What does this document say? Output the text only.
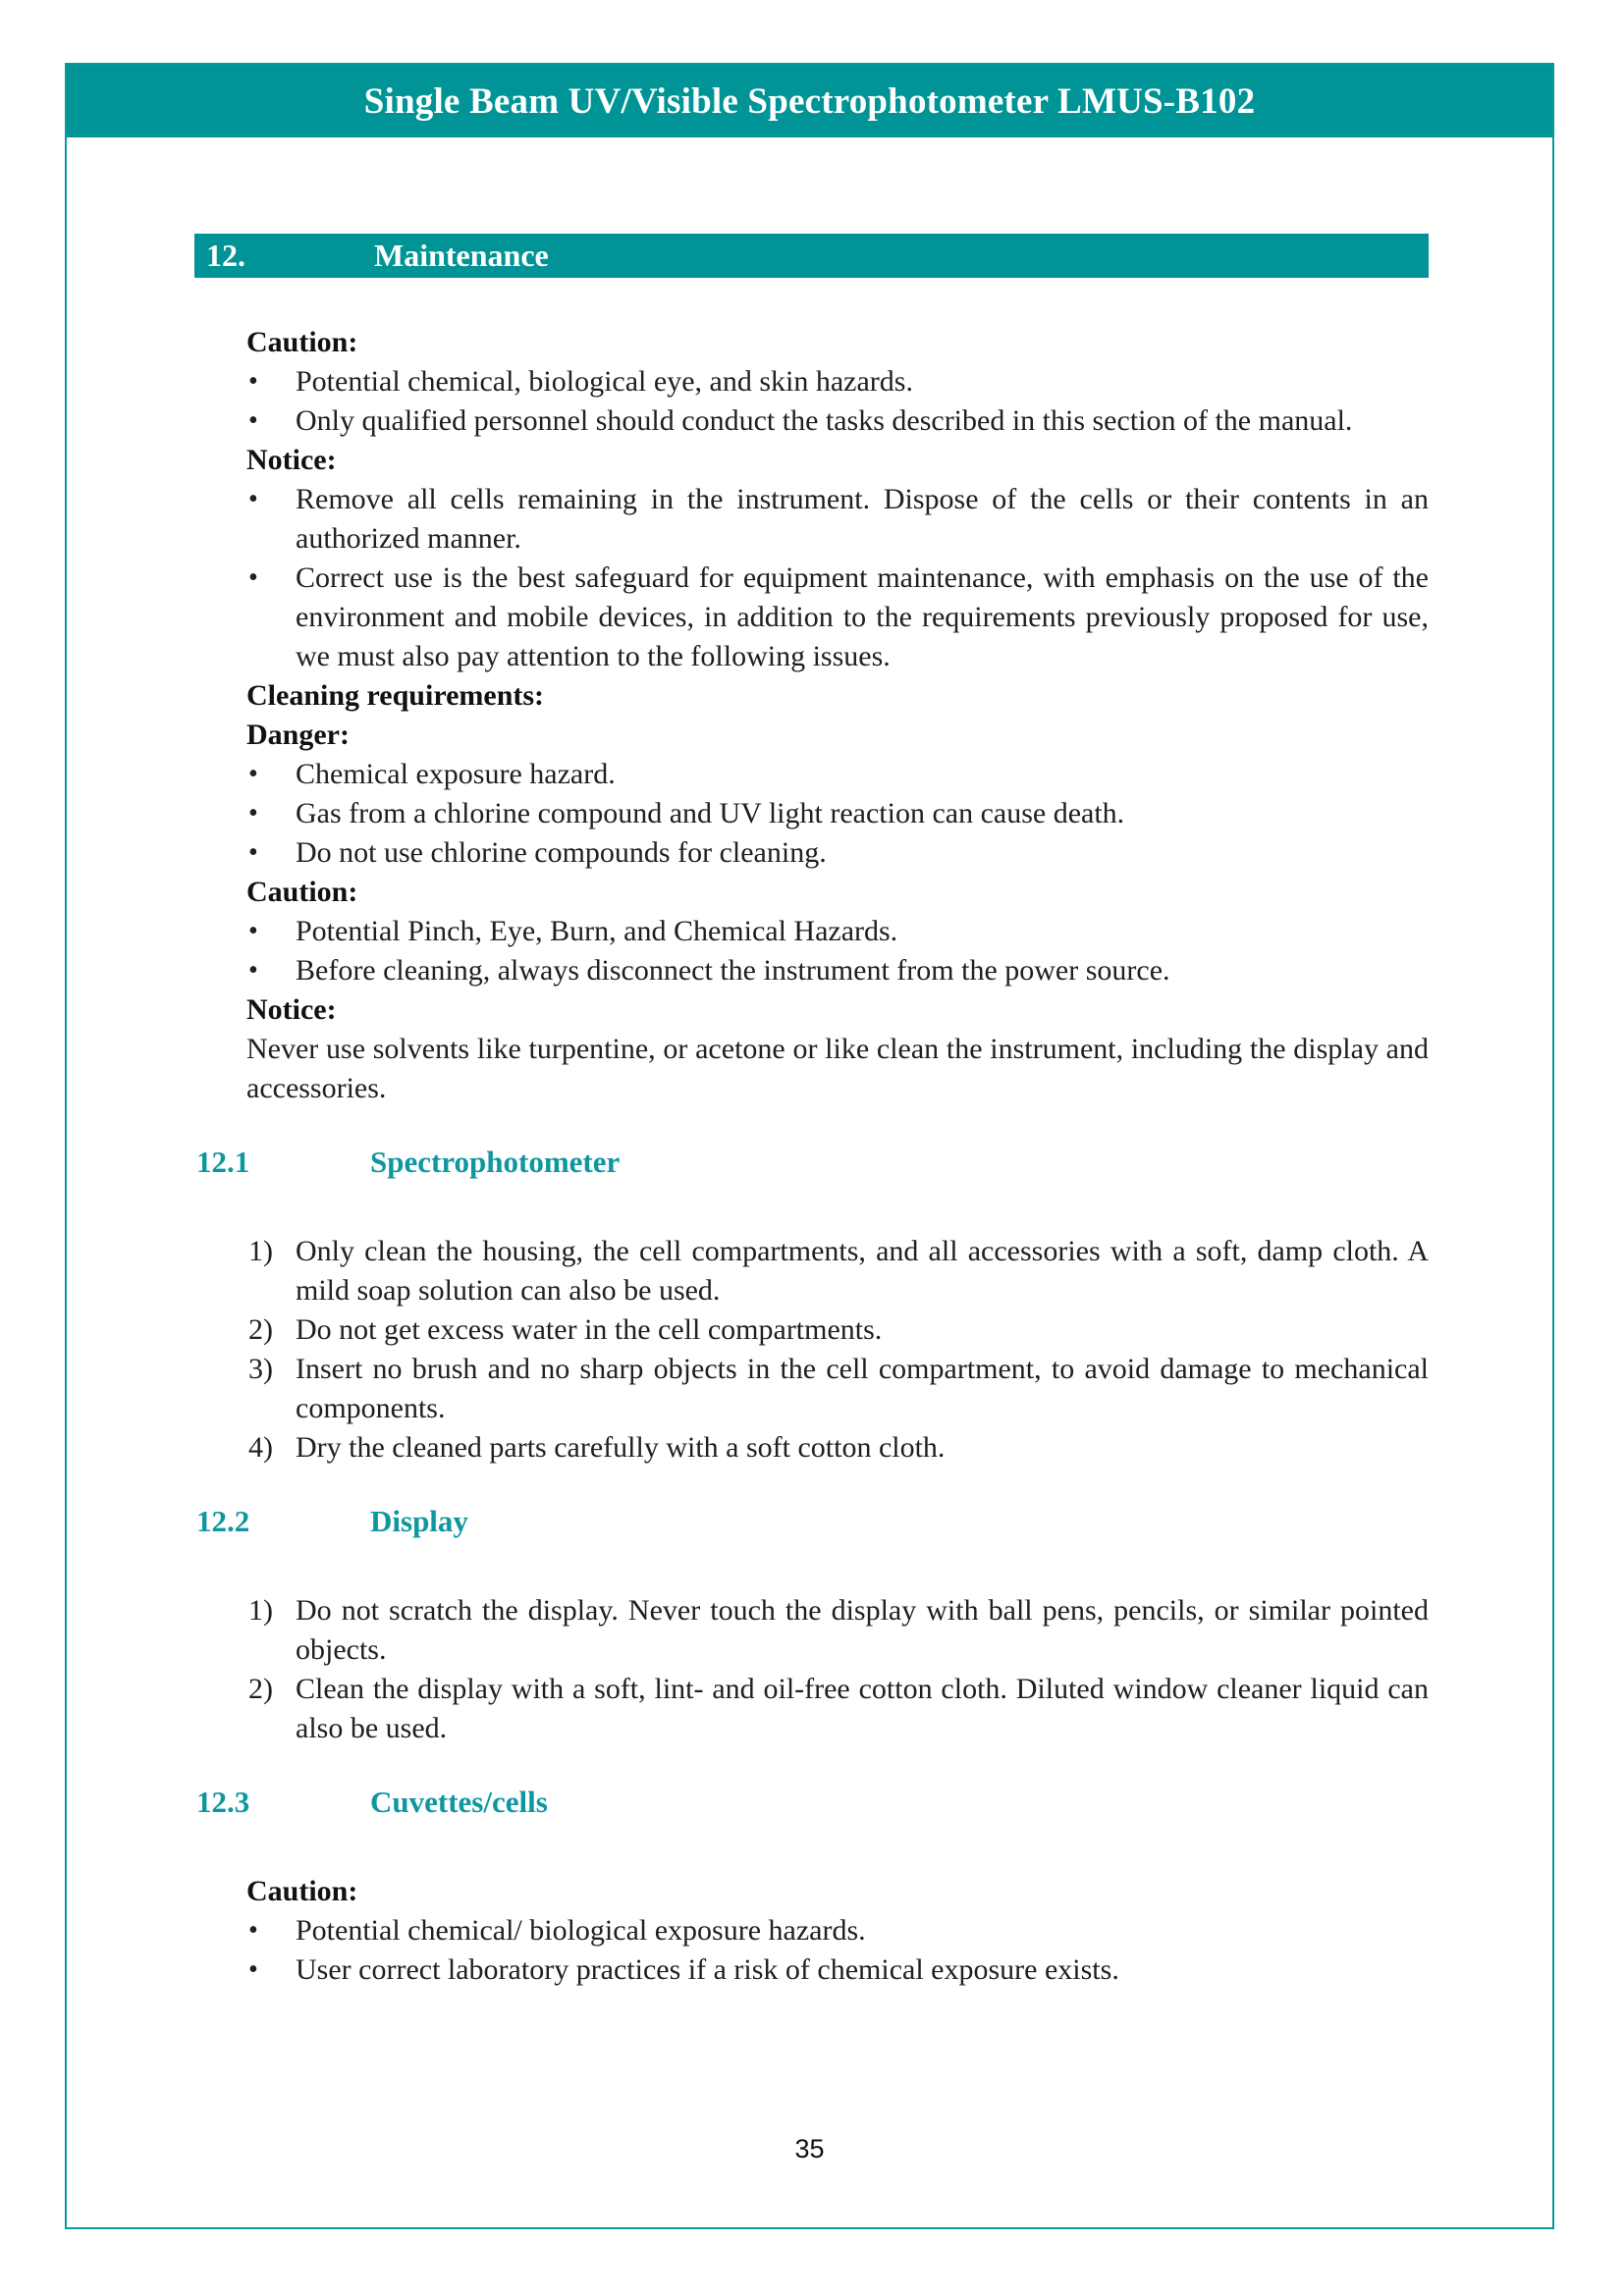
Single Beam UV/Visible Spectrophotometer LMUS-B102
12.	Maintenance
Caution:
• Potential chemical, biological eye, and skin hazards.
• Only qualified personnel should conduct the tasks described in this section of the manual.
Notice:
• Remove all cells remaining in the instrument. Dispose of the cells or their contents in an authorized manner.
• Correct use is the best safeguard for equipment maintenance, with emphasis on the use of the environment and mobile devices, in addition to the requirements previously proposed for use, we must also pay attention to the following issues.
Cleaning requirements:
Danger:
• Chemical exposure hazard.
• Gas from a chlorine compound and UV light reaction can cause death.
• Do not use chlorine compounds for cleaning.
Caution:
• Potential Pinch, Eye, Burn, and Chemical Hazards.
• Before cleaning, always disconnect the instrument from the power source.
Notice:
Never use solvents like turpentine, or acetone or like clean the instrument, including the display and accessories.
12.1	Spectrophotometer
1) Only clean the housing, the cell compartments, and all accessories with a soft, damp cloth. A mild soap solution can also be used.
2) Do not get excess water in the cell compartments.
3) Insert no brush and no sharp objects in the cell compartment, to avoid damage to mechanical components.
4) Dry the cleaned parts carefully with a soft cotton cloth.
12.2	Display
1) Do not scratch the display. Never touch the display with ball pens, pencils, or similar pointed objects.
2) Clean the display with a soft, lint- and oil-free cotton cloth. Diluted window cleaner liquid can also be used.
12.3	Cuvettes/cells
Caution:
• Potential chemical/ biological exposure hazards.
• User correct laboratory practices if a risk of chemical exposure exists.
35
